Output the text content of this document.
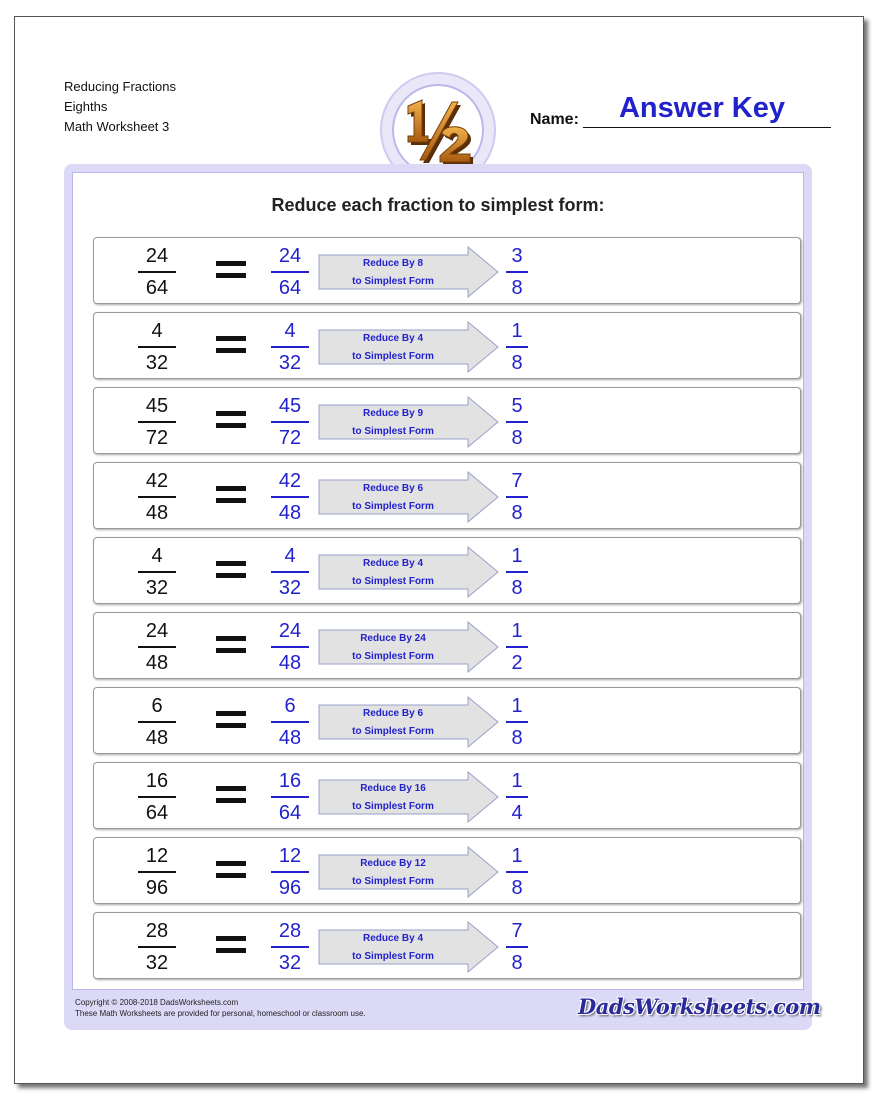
Reducing Fractions
Eighths
Math Worksheet 3	Name:	Answer Key
Reduce each fraction to simplest form:
24
64
24
64
Reduce By 8
to Simplest Form
3
8
4
32
4
32
Reduce By 4
to Simplest Form
1
8
45
72
45
72
Reduce By 9
to Simplest Form
5
8
42
48
42
48
Reduce By 6
to Simplest Form
7
8
4
32
4
32
Reduce By 4
to Simplest Form
1
8
24
48
24
48
Reduce By 24
to Simplest Form
1
2
6
48
6
48
Reduce By 6
to Simplest Form
1
8
16
64
16
64
Reduce By 16
to Simplest Form
1
4
12
96
12
96
Reduce By 12
to Simplest Form
1
8
28
32
28
32
Reduce By 4
to Simplest Form
7
8
Copyright © 2008-2018 DadsWorksheets.com
These Math Worksheets are provided for personal, homeschool or classroom use.	DadsWorksheets.com
